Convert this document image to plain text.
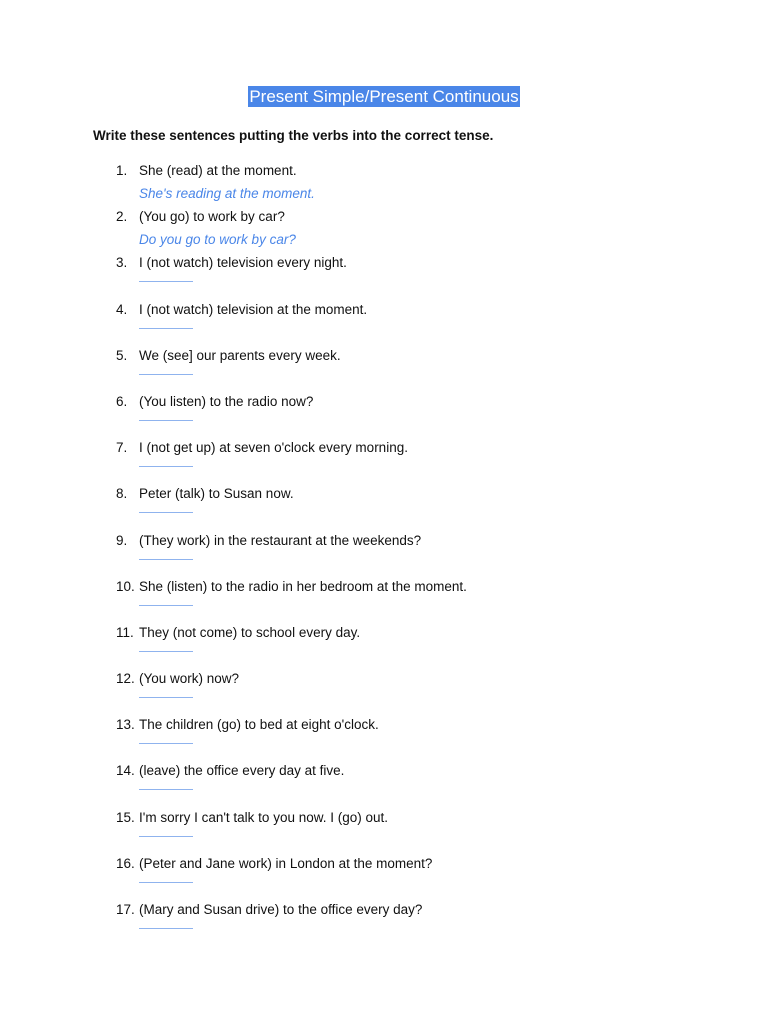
Present Simple/Present Continuous
Write these sentences putting the verbs into the correct tense.
1. She (read) at the moment.
She's reading at the moment.
2. (You go) to work by car?
Do you go to work by car?
3. I (not watch) television every night.
4. I (not watch) television at the moment.
5. We (see] our parents every week.
6. (You listen) to the radio now?
7. I (not get up) at seven o'clock every morning.
8. Peter (talk) to Susan now.
9. (They work) in the restaurant at the weekends?
10. She (listen) to the radio in her bedroom at the moment.
11. They (not come) to school every day.
12. (You work) now?
13. The children (go) to bed at eight o'clock.
14. (leave) the office every day at five.
15. I'm sorry I can't talk to you now. I (go) out.
16. (Peter and Jane work) in London at the moment?
17. (Mary and Susan drive) to the office every day?
